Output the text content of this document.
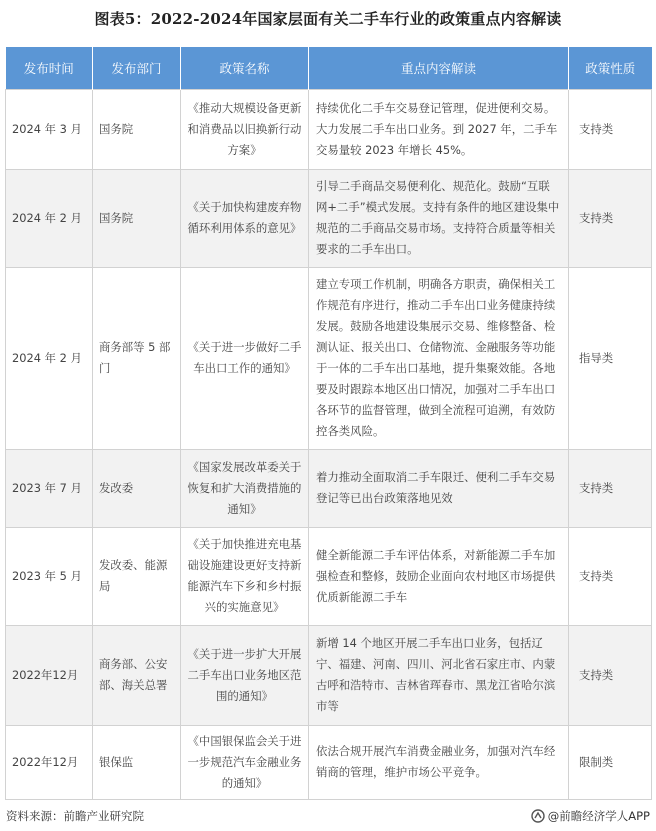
图表5：2022-2024年国家层面有关二手车行业的政策重点内容解读
发布时间	发布部门	政策名称	重点内容解读	政策性质
2024 年 3 月	国务院	《推动大规模设备更新和消费品以旧换新行动方案》	持续优化二手车交易登记管理，促进便利交易。大力发展二手车出口业务。到 2027 年，二手车交易量较 2023 年增长 45%。	支持类
2024 年 2 月	国务院	《关于加快构建废弃物循环利用体系的意见》	引导二手商品交易便利化、规范化。鼓励“互联网+二手”模式发展。支持有条件的地区建设集中规范的二手商品交易市场。支持符合质量等相关要求的二手车出口。	支持类
2024 年 2 月	商务部等 5 部门	《关于进一步做好二手车出口工作的通知》	建立专项工作机制，明确各方职责，确保相关工作规范有序进行，推动二手车出口业务健康持续发展。鼓励各地建设集展示交易、维修整备、检测认证、报关出口、仓储物流、金融服务等功能于一体的二手车出口基地，提升集聚效能。各地要及时跟踪本地区出口情况，加强对二手车出口各环节的监督管理，做到全流程可追溯，有效防控各类风险。	指导类
2023 年 7 月	发改委	《国家发展改革委关于恢复和扩大消费措施的通知》	着力推动全面取消二手车限迁、便利二手车交易登记等已出台政策落地见效	支持类
2023 年 5 月	发改委、能源局	《关于加快推进充电基础设施建设更好支持新能源汽车下乡和乡村振兴的实施意见》	健全新能源二手车评估体系，对新能源二手车加强检查和整修，鼓励企业面向农村地区市场提供优质新能源二手车	支持类
2022年12月	商务部、公安部、海关总署	《关于进一步扩大开展二手车出口业务地区范围的通知》	新增 14 个地区开展二手车出口业务，包括辽宁、福建、河南、四川、河北省石家庄市、内蒙古呼和浩特市、吉林省珲春市、黑龙江省哈尔滨市等	支持类
2022年12月	银保监	《中国银保监会关于进一步规范汽车金融业务的通知》	依法合规开展汽车消费金融业务，加强对汽车经销商的管理，维护市场公平竞争。	限制类
资料来源：前瞻产业研究院	@前瞻经济学人APP
